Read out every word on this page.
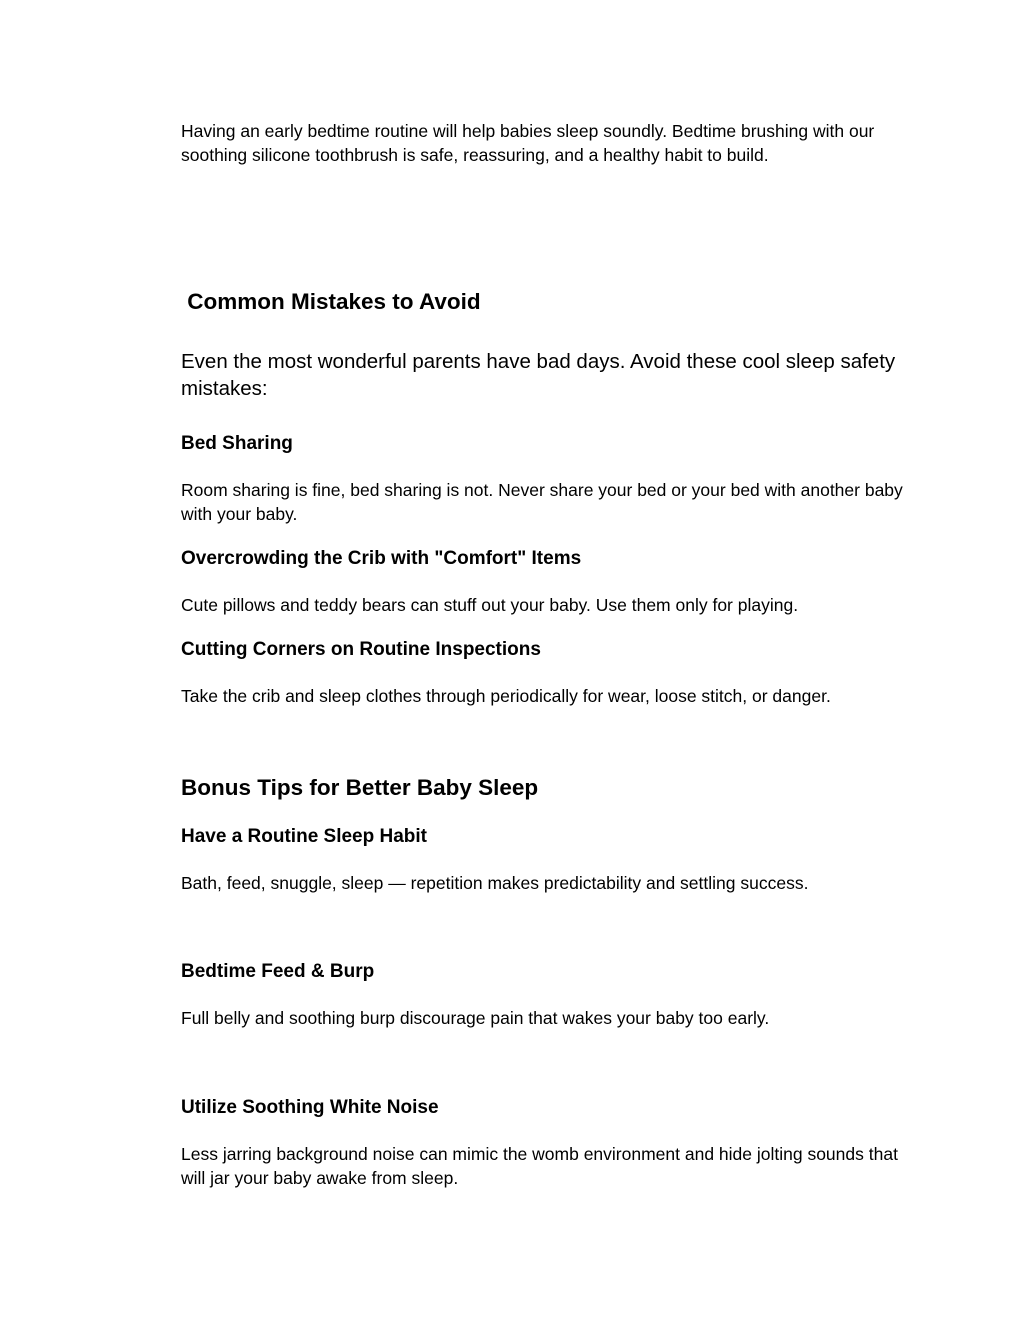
Having an early bedtime routine will help babies sleep soundly. Bedtime brushing with our soothing silicone toothbrush is safe, reassuring, and a healthy habit to build.

Common Mistakes to Avoid

Even the most wonderful parents have bad days. Avoid these cool sleep safety mistakes:

Bed Sharing

Room sharing is fine, bed sharing is not. Never share your bed or your bed with another baby with your baby.

Overcrowding the Crib with "Comfort" Items

Cute pillows and teddy bears can stuff out your baby. Use them only for playing.

Cutting Corners on Routine Inspections

Take the crib and sleep clothes through periodically for wear, loose stitch, or danger.

Bonus Tips for Better Baby Sleep
Have a Routine Sleep Habit

Bath, feed, snuggle, sleep — repetition makes predictability and settling success.

Bedtime Feed & Burp

Full belly and soothing burp discourage pain that wakes your baby too early.

Utilize Soothing White Noise

Less jarring background noise can mimic the womb environment and hide jolting sounds that will jar your baby awake from sleep.
